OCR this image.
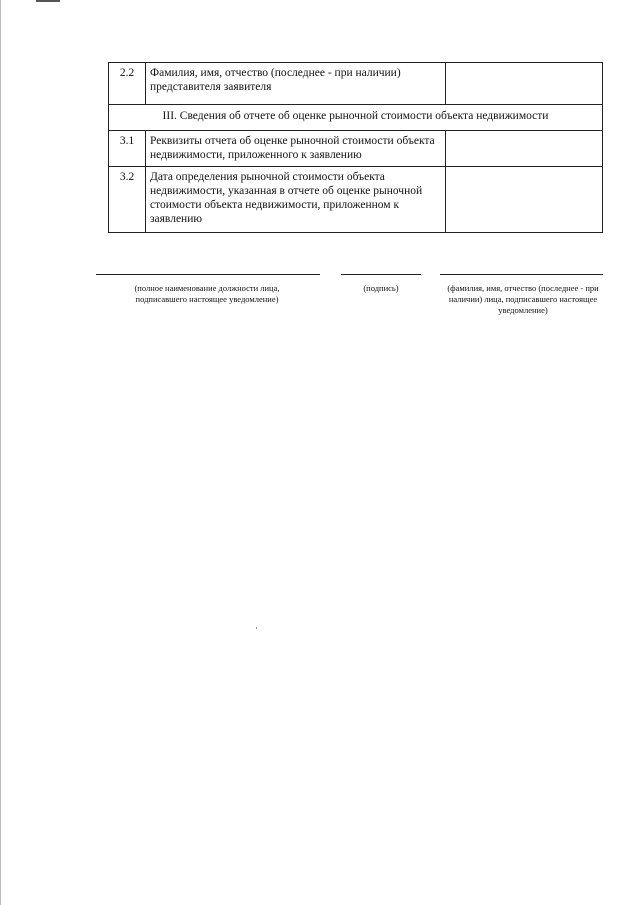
2.2	Фамилия, имя, отчество (последнее - при наличии) представителя заявителя	
III. Сведения об отчете об оценке рыночной стоимости объекта недвижимости		
3.1	Реквизиты отчета об оценке рыночной стоимости объекта недвижимости, приложенного к заявлению	
3.2	Дата определения рыночной стоимости объекта недвижимости, указанная в отчете об оценке рыночной стоимости объекта недвижимости, приложенном к заявлению	
(полное наименование должности лица, подписавшего настоящее уведомление)
(подпись)	(фамилия, имя, отчество (последнее - при наличии) лица, подписавшего настоящее уведомление)
